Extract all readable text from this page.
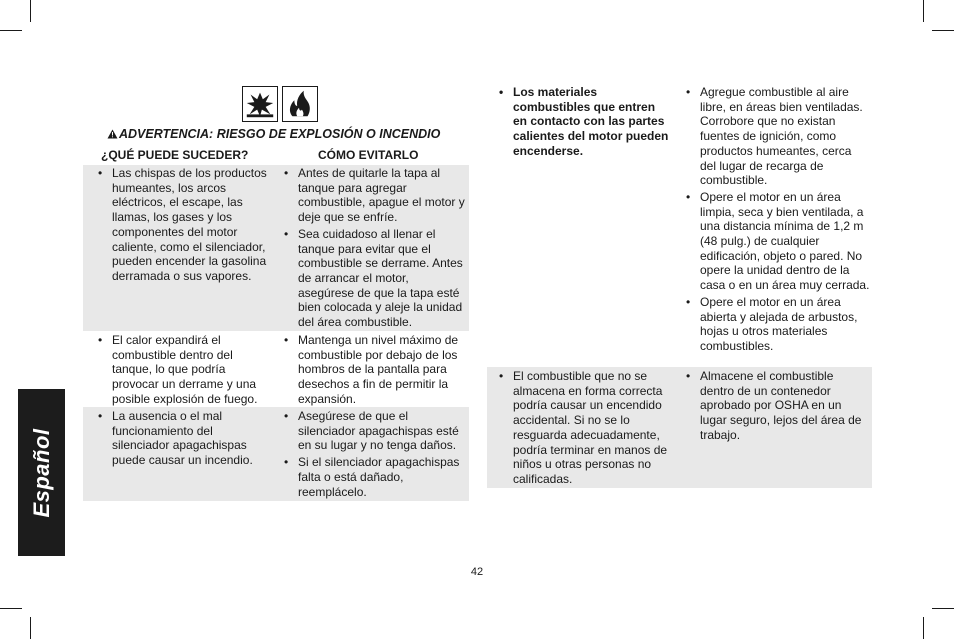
Español
ADVERTENCIA: RIESGO DE EXPLOSIÓN O INCENDIO
¿QUÉ PUEDE SUCEDER?	CÓMO EVITARLO
• Las chispas de los productos humeantes, los arcos eléctricos, el escape, las llamas, los gases y los componentes del motor caliente, como el silenciador, pueden encender la gasolina derramada o sus vapores.
• Antes de quitarle la tapa al tanque para agregar combustible, apague el motor y deje que se enfríe.
• Sea cuidadoso al llenar el tanque para evitar que el combustible se derrame. Antes de arrancar el motor, asegúrese de que la tapa esté bien colocada y aleje la unidad del área combustible.
• El calor expandirá el combustible dentro del tanque, lo que podría provocar un derrame y una posible explosión de fuego.
• Mantenga un nivel máximo de combustible por debajo de los hombros de la pantalla para desechos a fin de permitir la expansión.
• La ausencia o el mal funcionamiento del silenciador apagachispas puede causar un incendio.
• Asegúrese de que el silenciador apagachispas esté en su lugar y no tenga daños.
• Si el silenciador apagachispas falta o está dañado, reemplácelo.
• Los materiales combustibles que entren en contacto con las partes calientes del motor pueden encenderse.
• Agregue combustible al aire libre, en áreas bien ventiladas. Corrobore que no existan fuentes de ignición, como productos humeantes, cerca del lugar de recarga de combustible.
• Opere el motor en un área limpia, seca y bien ventilada, a una distancia mínima de 1,2 m (48 pulg.) de cualquier edificación, objeto o pared. No opere la unidad dentro de la casa o en un área muy cerrada.
• Opere el motor en un área abierta y alejada de arbustos, hojas u otros materiales combustibles.
• El combustible que no se almacena en forma correcta podría causar un encendido accidental. Si no se lo resguarda adecuadamente, podría terminar en manos de niños u otras personas no calificadas.
• Almacene el combustible dentro de un contenedor aprobado por OSHA en un lugar seguro, lejos del área de trabajo.
42
